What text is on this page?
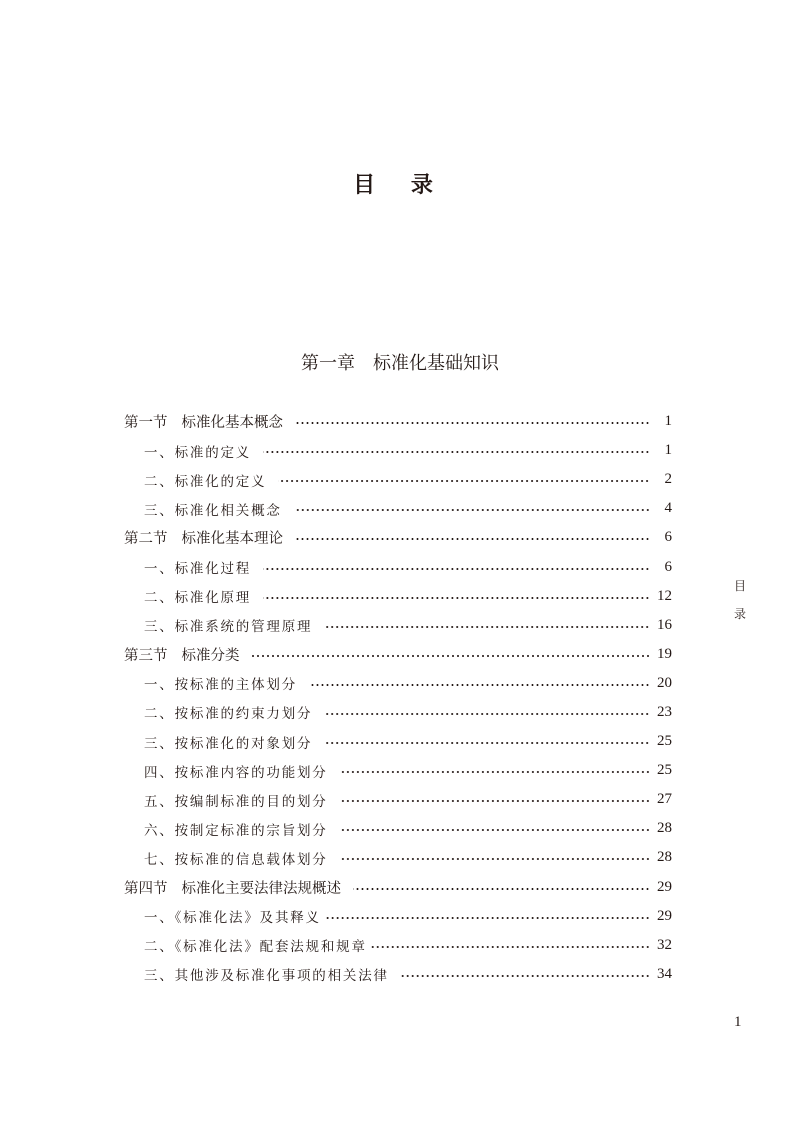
目 录
第一章 标准化基础知识
第一节 标准化基本概念	1
一、标准的定义	1
二、标准化的定义	2
三、标准化相关概念	4
第二节 标准化基本理论	6
一、标准化过程	6
二、标准化原理	12
三、标准系统的管理原理	16
第三节 标准分类	19
一、按标准的主体划分	20
二、按标准的约束力划分	23
三、按标准化的对象划分	25
四、按标准内容的功能划分	25
五、按编制标准的目的划分	27
六、按制定标准的宗旨划分	28
七、按标准的信息载体划分	28
第四节 标准化主要法律法规概述	29
一、《标准化法》及其释义	29
二、《标准化法》配套法规和规章	32
三、其他涉及标准化事项的相关法律	34
目
录
1
